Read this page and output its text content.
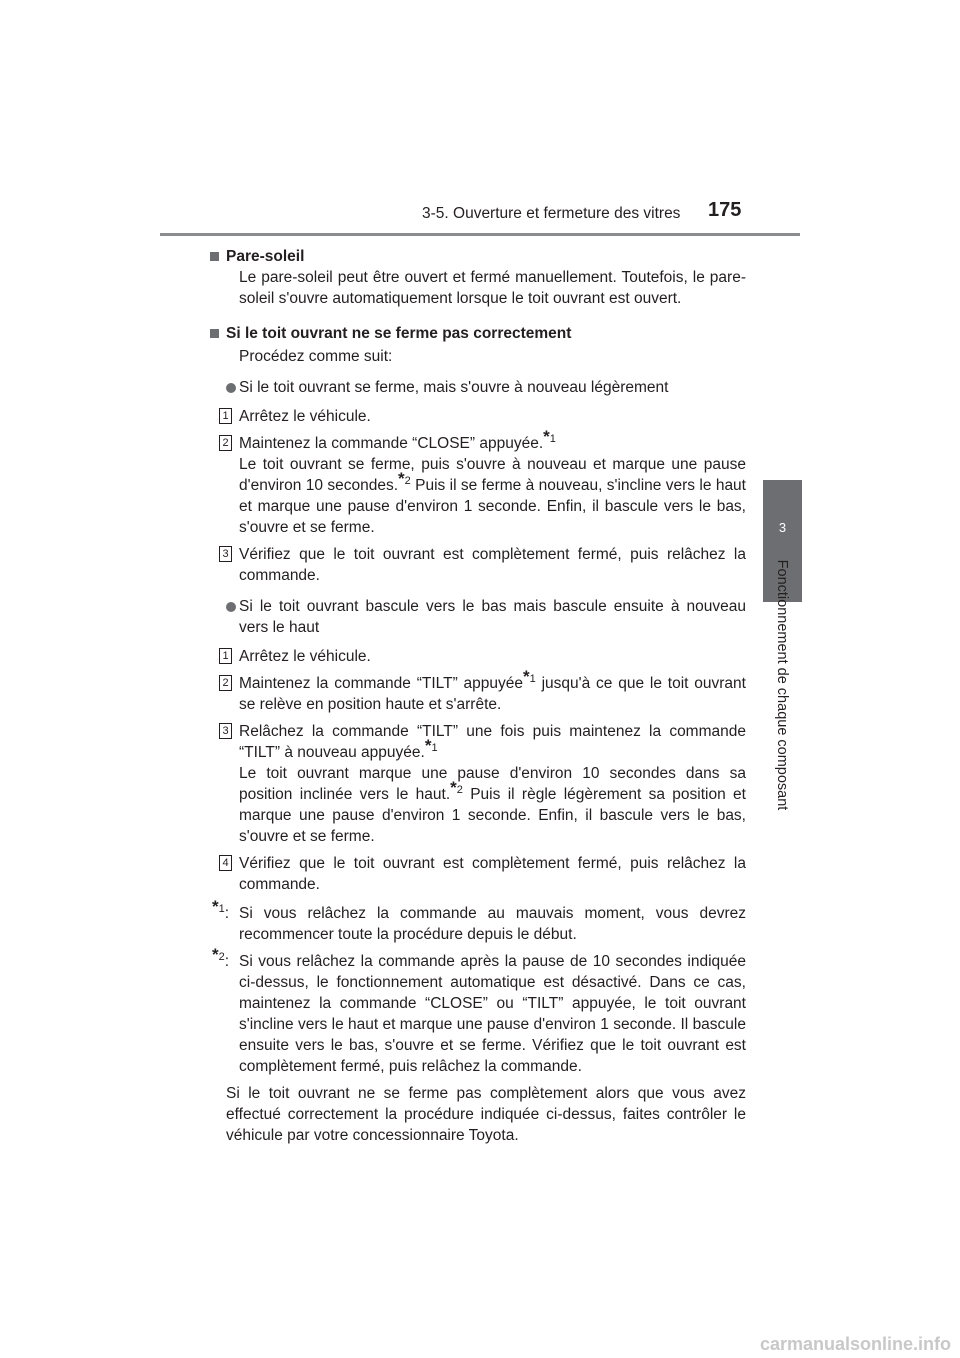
3-5. Ouverture et fermeture des vitres 175
3
Fonctionnement de chaque composant

Pare-soleil

Le pare-soleil peut être ouvert et fermé manuellement. Toutefois, le pare-soleil s'ouvre automatiquement lorsque le toit ouvrant est ouvert.

Si le toit ouvrant ne se ferme pas correctement

Procédez comme suit:

Si le toit ouvrant se ferme, mais s'ouvre à nouveau légèrement

1 Arrêtez le véhicule.

2 Maintenez la commande “CLOSE” appuyée.$^{*1}$
Le toit ouvrant se ferme, puis s'ouvre à nouveau et marque une pause d'environ 10 secondes.$^{*2}$ Puis il se ferme à nouveau, s'incline vers le haut et marque une pause d'environ 1 seconde. Enfin, il bascule vers le bas, s'ouvre et se ferme.

3 Vérifiez que le toit ouvrant est complètement fermé, puis relâchez la commande.

Si le toit ouvrant bascule vers le bas mais bascule ensuite à nouveau vers le haut

1 Arrêtez le véhicule.

2 Maintenez la commande “TILT” appuyée$^{*1}$ jusqu'à ce que le toit ouvrant se relève en position haute et s'arrête.

3 Relâchez la commande “TILT” une fois puis maintenez la commande “TILT” à nouveau appuyée.$^{*1}$
Le toit ouvrant marque une pause d'environ 10 secondes dans sa position inclinée vers le haut.$^{*2}$ Puis il règle légèrement sa position et marque une pause d'environ 1 seconde. Enfin, il bascule vers le bas, s'ouvre et se ferme.

4 Vérifiez que le toit ouvrant est complètement fermé, puis relâchez la commande.

$^{*1}$: Si vous relâchez la commande au mauvais moment, vous devrez recommencer toute la procédure depuis le début.

$^{*2}$: Si vous relâchez la commande après la pause de 10 secondes indiquée ci-dessus, le fonctionnement automatique est désactivé. Dans ce cas, maintenez la commande “CLOSE” ou “TILT” appuyée, le toit ouvrant s'incline vers le haut et marque une pause d'environ 1 seconde. Il bascule ensuite vers le bas, s'ouvre et se ferme. Vérifiez que le toit ouvrant est complètement fermé, puis relâchez la commande.

Si le toit ouvrant ne se ferme pas complètement alors que vous avez effectué correctement la procédure indiquée ci-dessus, faites contrôler le véhicule par votre concessionnaire Toyota.

carmanualsonline.info
